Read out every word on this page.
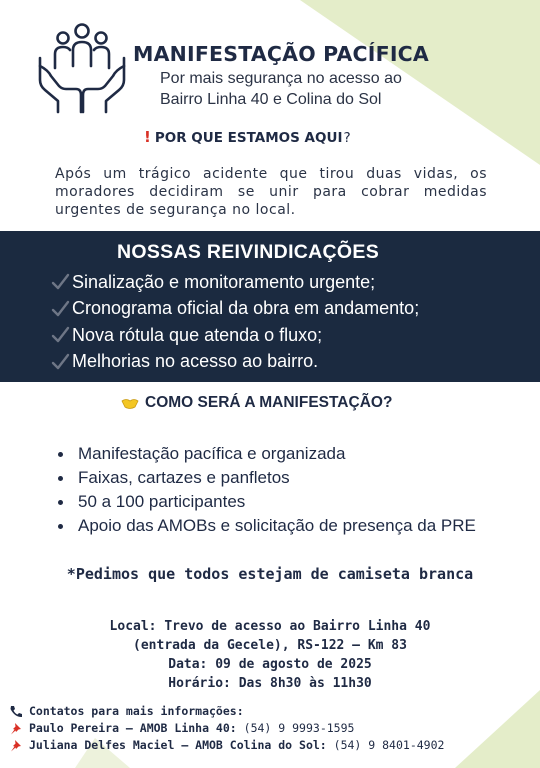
MANIFESTAÇÃO PACÍFICA
Por mais segurança no acesso ao
Bairro Linha 40 e Colina do Sol
! POR QUE ESTAMOS AQUI?

Após um trágico acidente que tirou duas vidas, os moradores decidiram se unir para cobrar medidas urgentes de segurança no local.

NOSSAS REIVINDICAÇÕES
Sinalização e monitoramento urgente;
Cronograma oficial da obra em andamento;
Nova rótula que atenda o fluxo;
Melhorias no acesso ao bairro.
COMO SERÁ A MANIFESTAÇÃO?
Manifestação pacífica e organizada
Faixas, cartazes e panfletos
50 a 100 participantes
Apoio das AMOBs e solicitação de presença da PRE
*Pedimos que todos estejam de camiseta branca
Local: Trevo de acesso ao Bairro Linha 40
(entrada da Gecele), RS-122 – Km 83
Data: 09 de agosto de 2025
Horário: Das 8h30 às 11h30
Contatos para mais informações:
Paulo Pereira – AMOB Linha 40:
(54) 9 9993-1595
Juliana Delfes Maciel – AMOB Colina do Sol:
(54) 9 8401-4902
